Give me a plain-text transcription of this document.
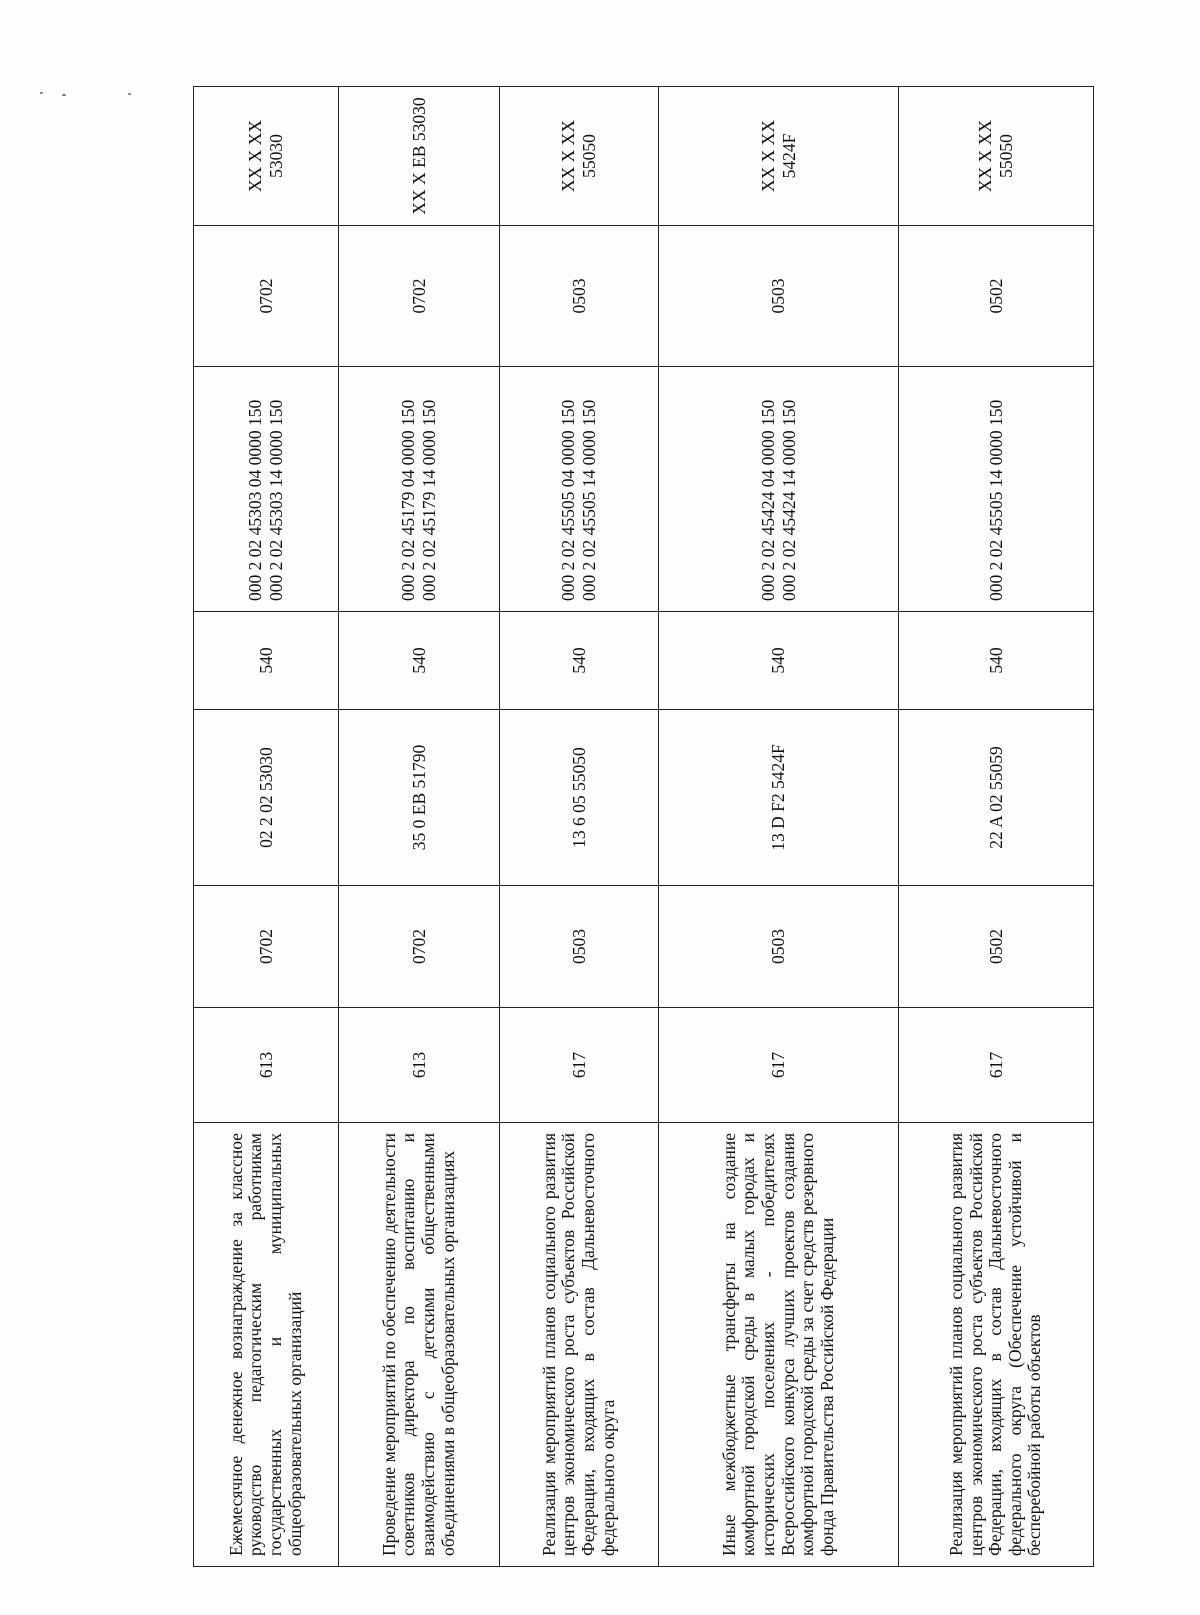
Ежемесячное денежное вознаграждение за классное руководство педагогическим работникам государственных и муниципальных общеобразовательных организаций	613	0702	02 2 02 53030	540	000 2 02 45303 04 0000 150 000 2 02 45303 14 0000 150	0702	XX X XX 53030
Проведение мероприятий по обеспечению деятельности советников директора по воспитанию и взаимодействию с детскими общественными объединениями в общеобразовательных организациях	613	0702	35 0 EB 51790	540	000 2 02 45179 04 0000 150 000 2 02 45179 14 0000 150	0702	XX X EB 53030
Реализация мероприятий планов социального развития центров экономического роста субъектов Российской Федерации, входящих в состав Дальневосточного федерального округа	617	0503	13 6 05 55050	540	000 2 02 45505 04 0000 150 000 2 02 45505 14 0000 150	0503	XX X XX 55050
Иные межбюджетные трансферты на создание комфортной городской среды в малых городах и исторических поселениях - победителях Всероссийского конкурса лучших проектов создания комфортной городской среды за счет средств резервного фонда Правительства Российской Федерации	617	0503	13 D F2 5424F	540	000 2 02 45424 04 0000 150 000 2 02 45424 14 0000 150	0503	XX X XX 5424F
Реализация мероприятий планов социального развития центров экономического роста субъектов Российской Федерации, входящих в состав Дальневосточного федерального округа (Обеспечение устойчивой и бесперебойной работы объектов	617	0502	22 A 02 55059	540	000 2 02 45505 14 0000 150	0502	XX X XX 55050
